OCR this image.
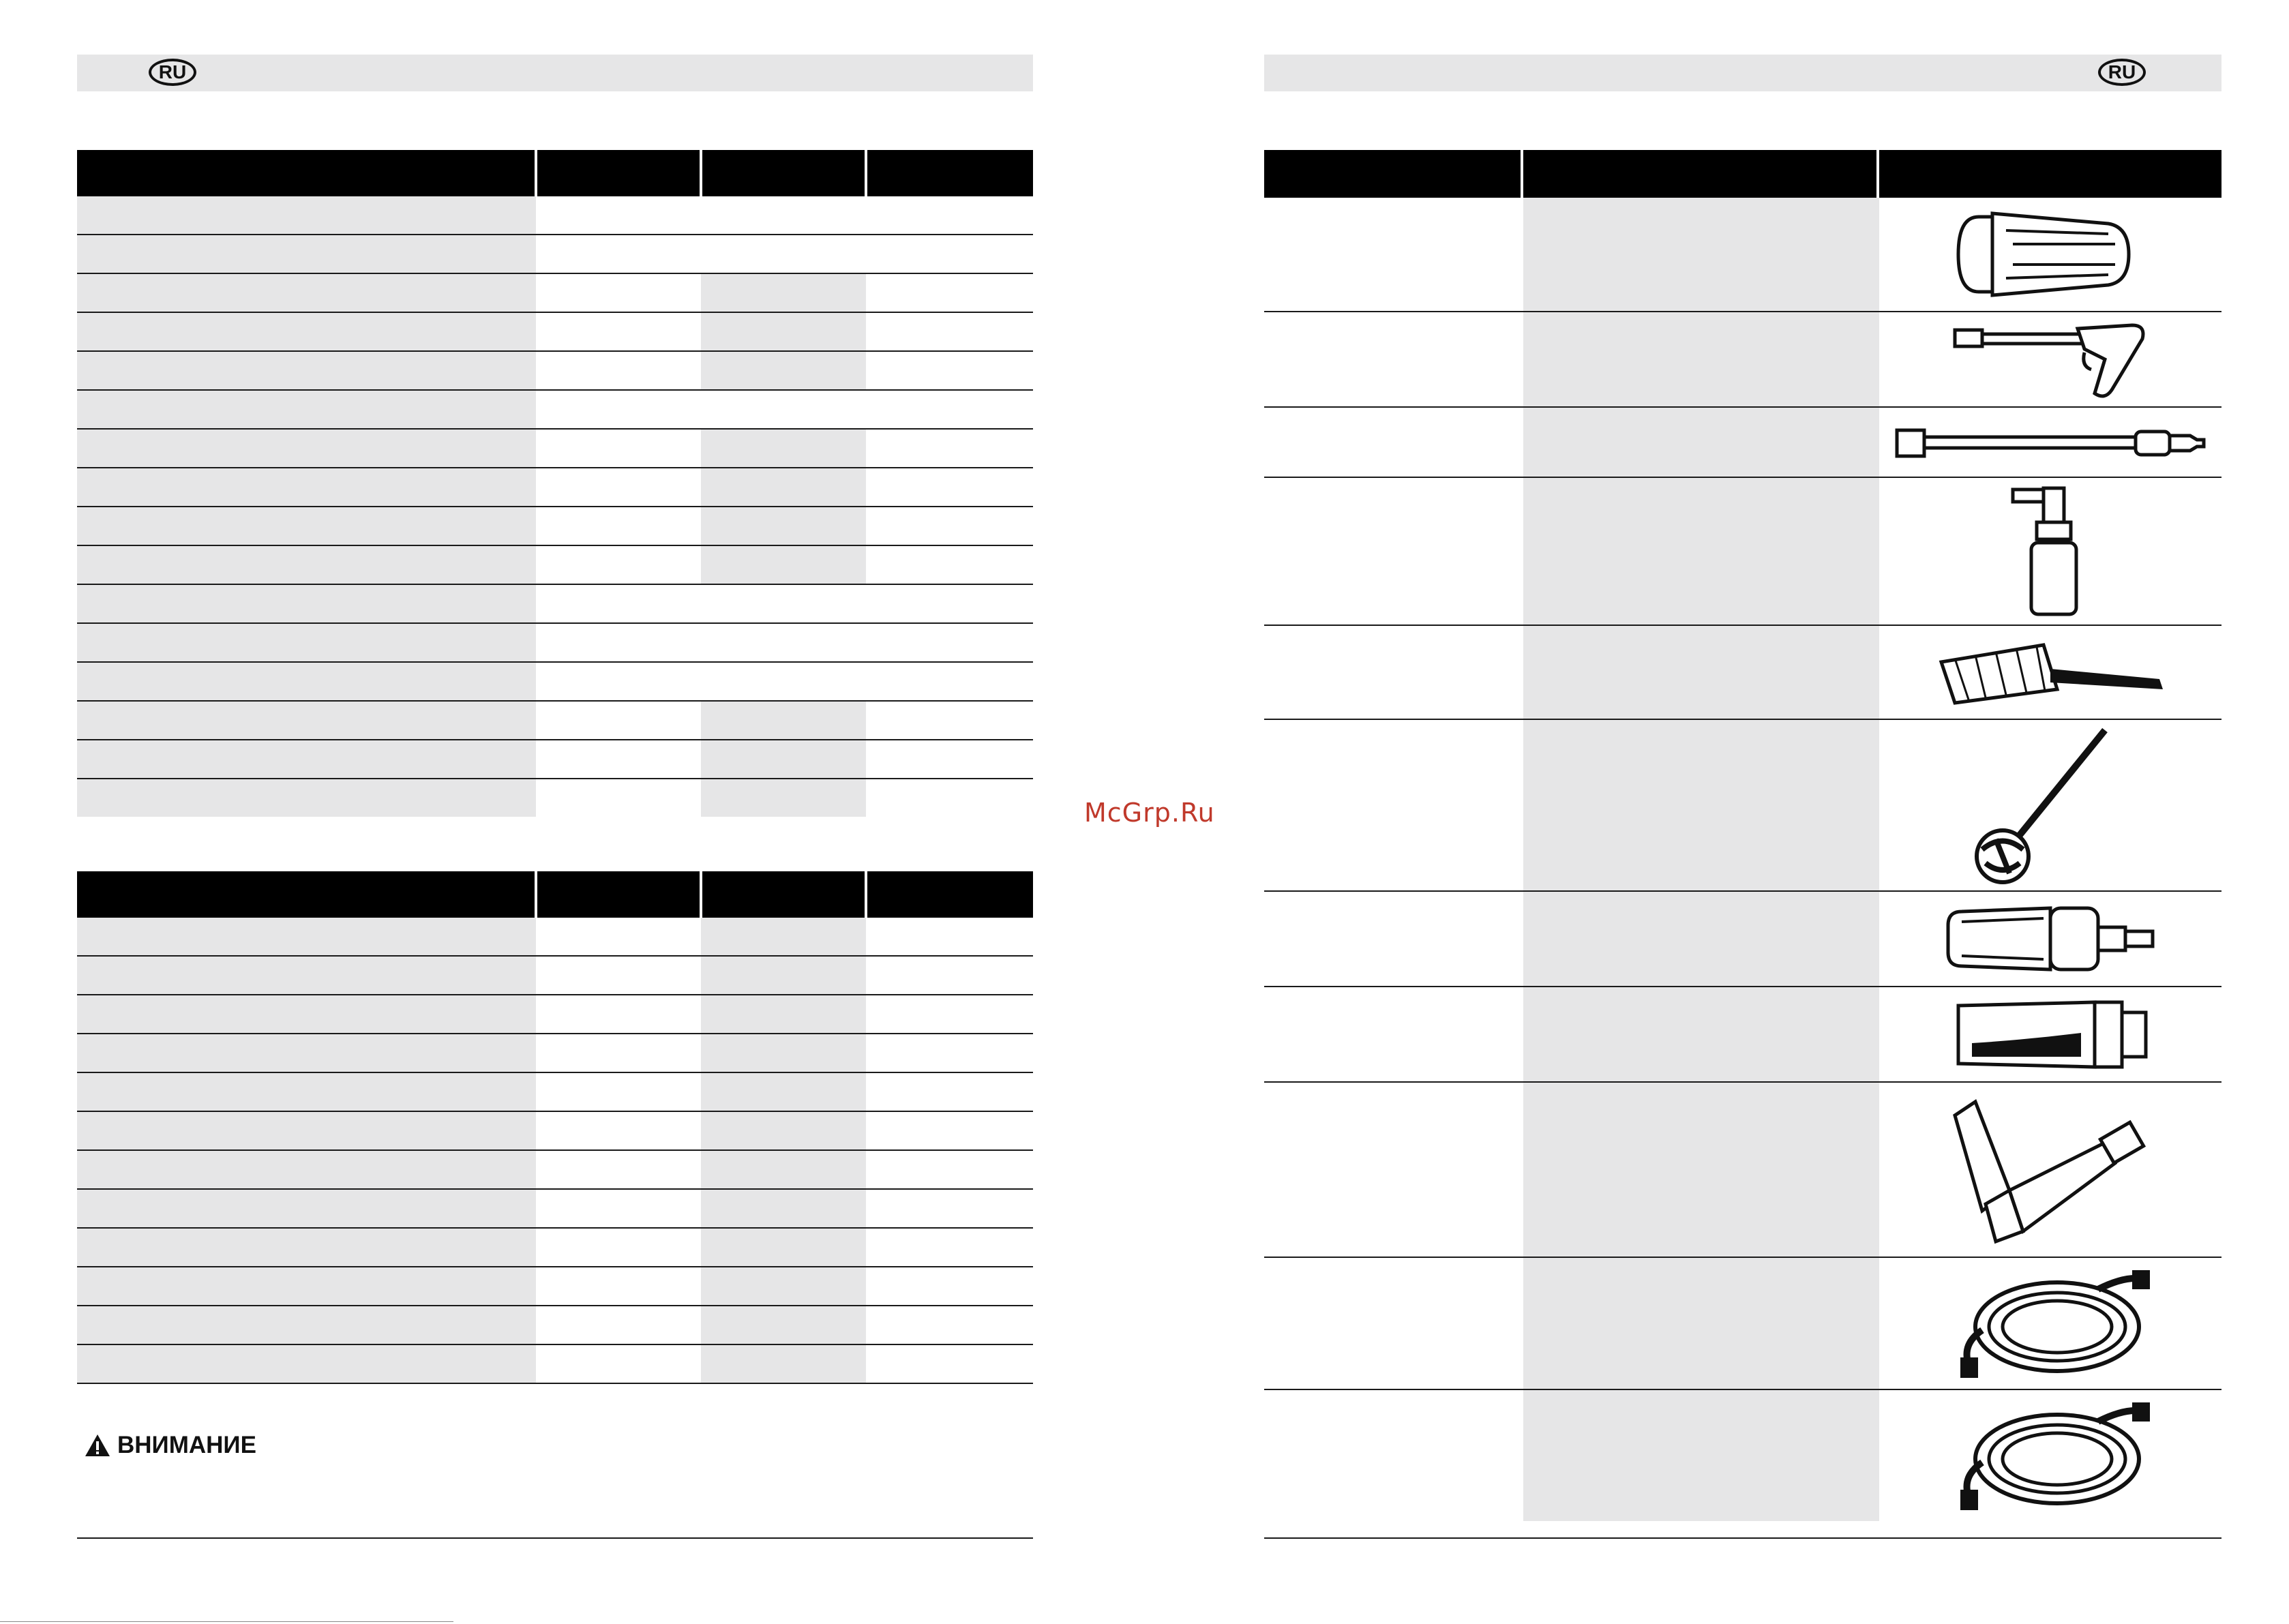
RU
ВНИМАНИЕ
RU
McGrp.Ru
